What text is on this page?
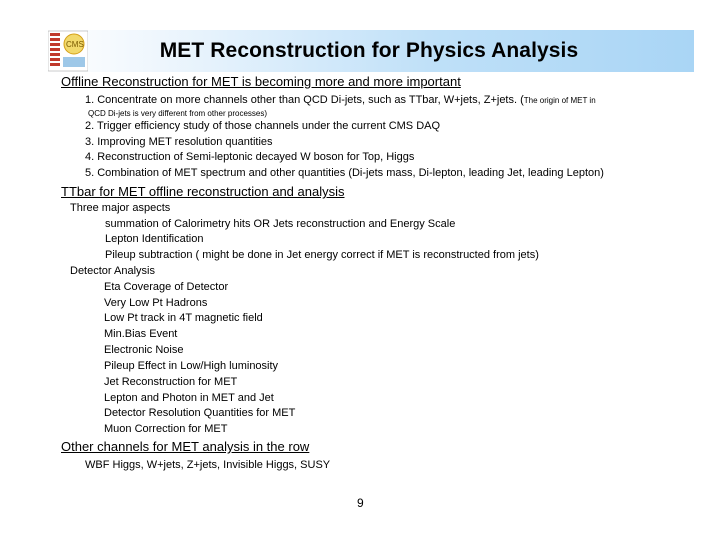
CMS	MET Reconstruction for Physics Analysis
Offline Reconstruction for MET is becoming more and more important
1. Concentrate on more channels other than QCD Di-jets, such as TTbar, W+jets, Z+jets. (The origin of MET in
QCD Di-jets is very different from other processes)
2. Trigger efficiency study of those channels under the current CMS DAQ
3. Improving MET resolution quantities
4. Reconstruction of Semi-leptonic decayed W boson for Top, Higgs
5. Combination of MET spectrum and other quantities (Di-jets mass, Di-lepton, leading Jet, leading Lepton)
TTbar for MET offline reconstruction and analysis
Three major aspects
summation of Calorimetry hits OR Jets reconstruction and Energy Scale
Lepton Identification
Pileup subtraction ( might be done in Jet energy correct if MET is reconstructed from jets)
Detector Analysis
Eta Coverage of Detector
Very Low Pt Hadrons
Low Pt track in 4T magnetic field
Min.Bias Event
Electronic Noise
Pileup Effect in Low/High luminosity
Jet Reconstruction for MET
Lepton and Photon in MET and Jet
Detector Resolution Quantities for MET
Muon Correction for MET
Other channels for MET analysis in the row
WBF Higgs, W+jets, Z+jets, Invisible Higgs, SUSY
9
